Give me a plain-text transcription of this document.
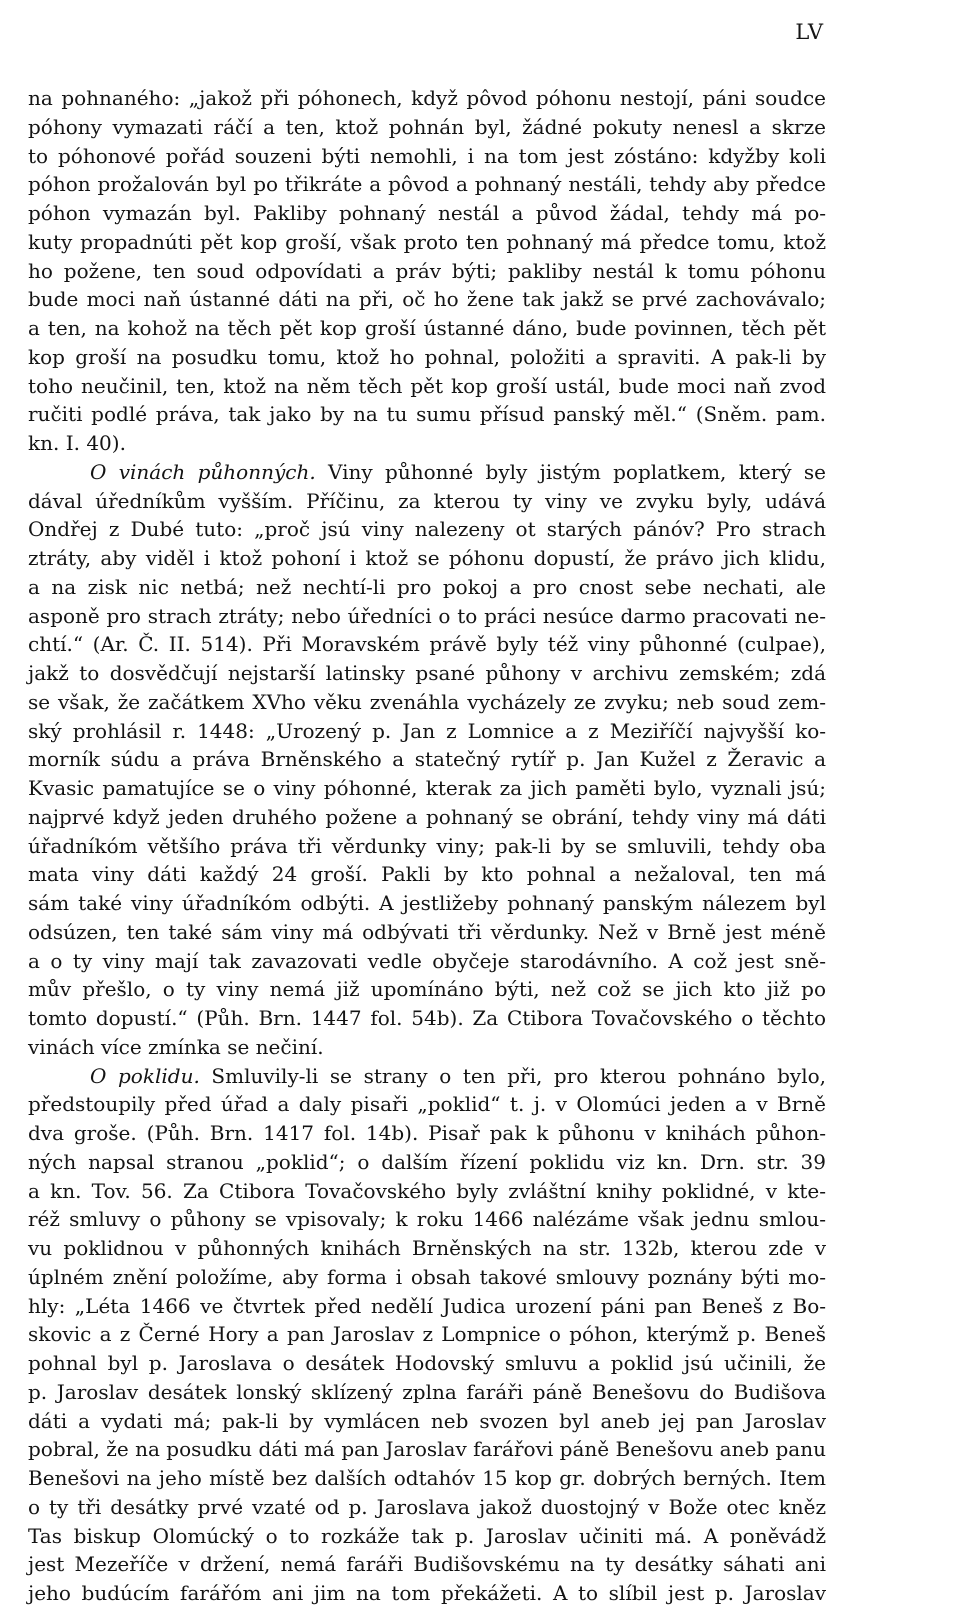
LV
na pohnaného: „jakož při póhonech, když pôvod póhonu nestojí, páni soudce
póhony vymazati ráčí a ten, ktož pohnán byl, žádné pokuty nenesl a skrze
to póhonové pořád souzeni býti nemohli, i na tom jest zóstáno: kdyžby koli
póhon prožalován byl po třikráte a pôvod a pohnaný nestáli, tehdy aby předce
póhon vymazán byl. Pakliby pohnaný nestál a původ žádal, tehdy má po-
kuty propadnúti pět kop groší, však proto ten pohnaný má předce tomu, ktož
ho požene, ten soud odpovídati a práv býti; pakliby nestál k tomu póhonu
bude moci naň ústanné dáti na při, oč ho žene tak jakž se prvé zachovávalo;
a ten, na kohož na těch pět kop groší ústanné dáno, bude povinnen, těch pět
kop groší na posudku tomu, ktož ho pohnal, položiti a spraviti. A pak-li by
toho neučinil, ten, ktož na něm těch pět kop groší ustál, bude moci naň zvod
ručiti podlé práva, tak jako by na tu sumu přísud panský měl.“ (Sněm. pam.
kn. I. 40).
O vinách půhonných. Viny půhonné byly jistým poplatkem, který se
dával úředníkům vyšším. Příčinu, za kterou ty viny ve zvyku byly, udává
Ondřej z Dubé tuto: „proč jsú viny nalezeny ot starých pánóv? Pro strach
ztráty, aby viděl i ktož pohoní i ktož se póhonu dopustí, že právo jich klidu,
a na zisk nic netbá; než nechtí-li pro pokoj a pro cnost sebe nechati, ale
asponě pro strach ztráty; nebo úředníci o to práci nesúce darmo pracovati ne-
chtí.“ (Ar. Č. II. 514). Při Moravském právě byly též viny půhonné (culpae),
jakž to dosvědčují nejstarší latinsky psané půhony v archivu zemském; zdá
se však, že začátkem XVho věku zvenáhla vycházely ze zvyku; neb soud zem-
ský prohlásil r. 1448: „Urozený p. Jan z Lomnice a z Meziříčí najvyšší ko-
morník súdu a práva Brněnského a statečný rytíř p. Jan Kužel z Žeravic a
Kvasic pamatujíce se o viny póhonné, kterak za jich paměti bylo, vyznali jsú;
najprvé když jeden druhého požene a pohnaný se obrání, tehdy viny má dáti
úřadníkóm většího práva tři věrdunky viny; pak-li by se smluvili, tehdy oba
mata viny dáti každý 24 groší. Pakli by kto pohnal a nežaloval, ten má
sám také viny úřadníkóm odbýti. A jestližeby pohnaný panským nálezem byl
odsúzen, ten také sám viny má odbývati tři věrdunky. Než v Brně jest méně
a o ty viny mají tak zavazovati vedle obyčeje starodávního. A což jest sně-
mův přešlo, o ty viny nemá již upomínáno býti, než což se jich kto již po
tomto dopustí.“ (Půh. Brn. 1447 fol. 54b). Za Ctibora Tovačovského o těchto
vinách více zmínka se nečiní.
O poklidu. Smluvily-li se strany o ten při, pro kterou pohnáno bylo,
předstoupily před úřad a daly pisaři „poklid“ t. j. v Olomúci jeden a v Brně
dva groše. (Půh. Brn. 1417 fol. 14b). Pisař pak k půhonu v knihách půhon-
ných napsal stranou „poklid“; o dalším řízení poklidu viz kn. Drn. str. 39
a kn. Tov. 56. Za Ctibora Tovačovského byly zvláštní knihy poklidné, v kte-
réž smluvy o půhony se vpisovaly; k roku 1466 nalézáme však jednu smlou-
vu poklidnou v půhonných knihách Brněnských na str. 132b, kterou zde v
úplném znění položíme, aby forma i obsah takové smlouvy poznány býti mo-
hly: „Léta 1466 ve čtvrtek před nedělí Judica urození páni pan Beneš z Bo-
skovic a z Černé Hory a pan Jaroslav z Lompnice o póhon, kterýmž p. Beneš
pohnal byl p. Jaroslava o desátek Hodovský smluvu a poklid jsú učinili, že
p. Jaroslav desátek lonský sklízený zplna faráři páně Benešovu do Budišova
dáti a vydati má; pak-li by vymlácen neb svozen byl aneb jej pan Jaroslav
pobral, že na posudku dáti má pan Jaroslav farářovi páně Benešovu aneb panu
Benešovi na jeho místě bez dalších odtahóv 15 kop gr. dobrých berných. Item
o ty tři desátky prvé vzaté od p. Jaroslava jakož duostojný v Bože otec kněz
Tas biskup Olomúcký o to rozkáže tak p. Jaroslav učiniti má. A poněvádž
jest Mezeříče v držení, nemá faráři Budišovskému na ty desátky sáhati ani
jeho budúcím farářóm ani jim na tom překážeti. A to slíbil jest p. Jaroslav
